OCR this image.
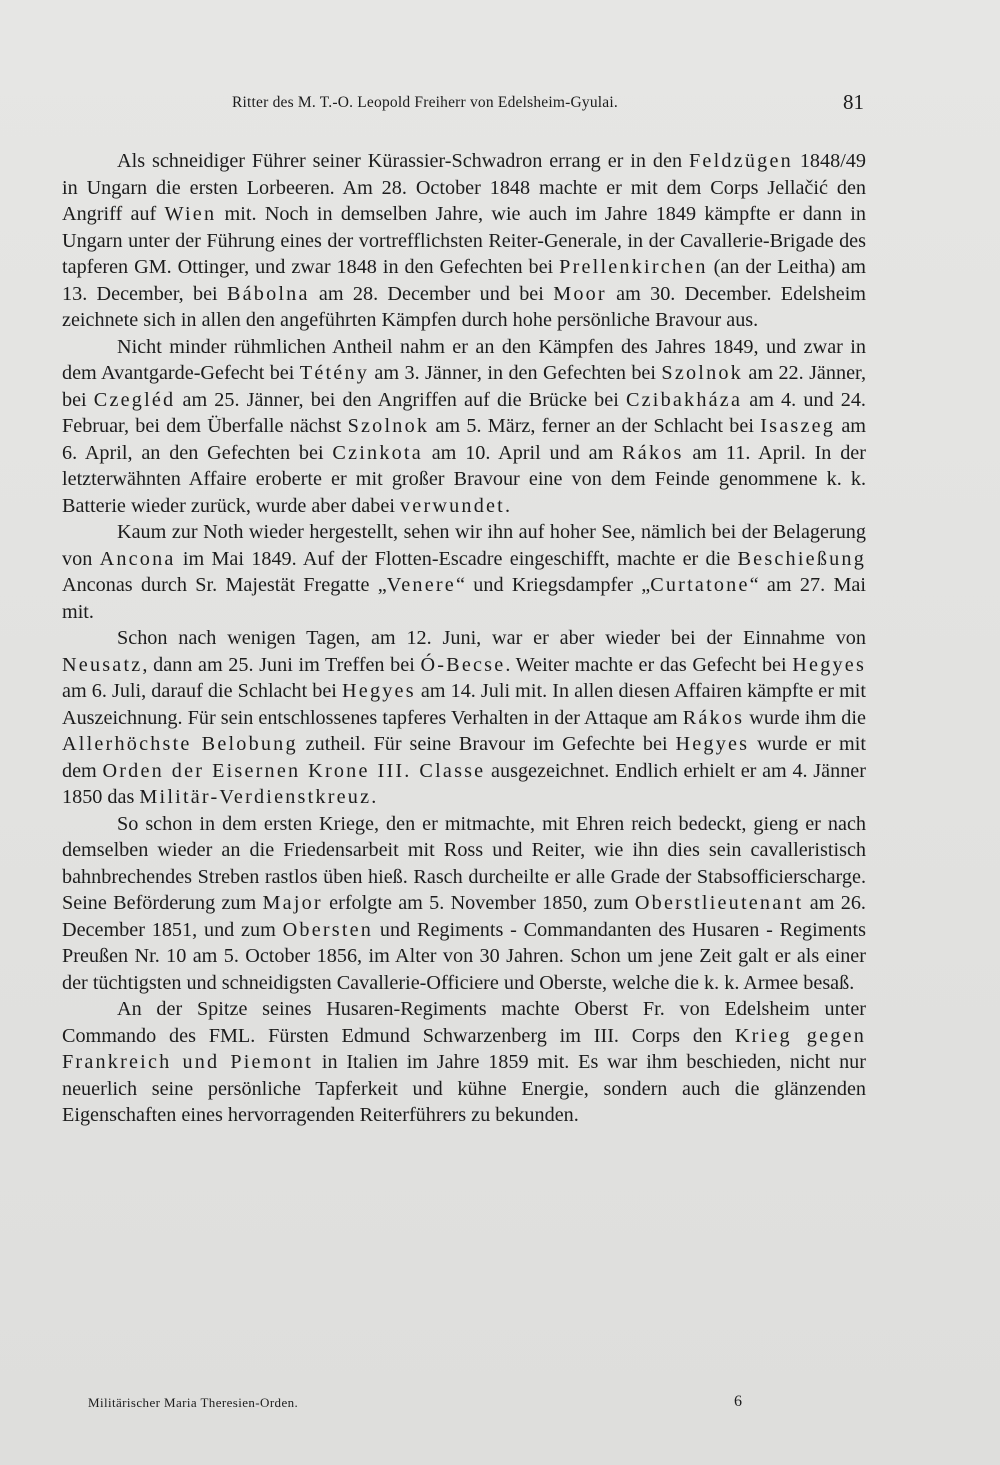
Ritter des M. T.-O. Leopold Freiherr von Edelsheim-Gyulai.	81

Als schneidiger Führer seiner Kürassier-Schwadron errang er in den Feldzügen 1848/49 in Ungarn die ersten Lorbeeren. Am 28. October 1848 machte er mit dem Corps Jellačić den Angriff auf Wien mit. Noch in demselben Jahre, wie auch im Jahre 1849 kämpfte er dann in Ungarn unter der Führung eines der vortrefflichsten Reiter-Generale, in der Cavallerie-Brigade des tapferen GM. Ottinger, und zwar 1848 in den Gefechten bei Prellenkirchen (an der Leitha) am 13. December, bei Bábolna am 28. December und bei Moor am 30. December. Edelsheim zeichnete sich in allen den angeführten Kämpfen durch hohe persönliche Bravour aus.

Nicht minder rühmlichen Antheil nahm er an den Kämpfen des Jahres 1849, und zwar in dem Avantgarde-Gefecht bei Tétény am 3. Jänner, in den Gefechten bei Szolnok am 22. Jänner, bei Czegléd am 25. Jänner, bei den Angriffen auf die Brücke bei Czibakháza am 4. und 24. Februar, bei dem Überfalle nächst Szolnok am 5. März, ferner an der Schlacht bei Isaszeg am 6. April, an den Gefechten bei Czinkota am 10. April und am Rákos am 11. April. In der letzterwähnten Affaire eroberte er mit großer Bravour eine von dem Feinde genommene k. k. Batterie wieder zurück, wurde aber dabei verwundet.

Kaum zur Noth wieder hergestellt, sehen wir ihn auf hoher See, nämlich bei der Belagerung von Ancona im Mai 1849. Auf der Flotten-Escadre eingeschifft, machte er die Beschießung Anconas durch Sr. Majestät Fregatte „Venere“ und Kriegsdampfer „Curtatone“ am 27. Mai mit.

Schon nach wenigen Tagen, am 12. Juni, war er aber wieder bei der Einnahme von Neusatz, dann am 25. Juni im Treffen bei Ó-Becse. Weiter machte er das Gefecht bei Hegyes am 6. Juli, darauf die Schlacht bei Hegyes am 14. Juli mit. In allen diesen Affairen kämpfte er mit Auszeichnung. Für sein entschlossenes tapferes Verhalten in der Attaque am Rákos wurde ihm die Allerhöchste Belobung zutheil. Für seine Bravour im Gefechte bei Hegyes wurde er mit dem Orden der Eisernen Krone III. Classe ausgezeichnet. Endlich erhielt er am 4. Jänner 1850 das Militär-Verdienstkreuz.

So schon in dem ersten Kriege, den er mitmachte, mit Ehren reich bedeckt, gieng er nach demselben wieder an die Friedensarbeit mit Ross und Reiter, wie ihn dies sein cavalleristisch bahnbrechendes Streben rastlos üben hieß. Rasch durcheilte er alle Grade der Stabsofficierscharge. Seine Beförderung zum Major erfolgte am 5. November 1850, zum Oberstlieutenant am 26. December 1851, und zum Obersten und Regiments - Commandanten des Husaren - Regiments Preußen Nr. 10 am 5. October 1856, im Alter von 30 Jahren. Schon um jene Zeit galt er als einer der tüchtigsten und schneidigsten Cavallerie-Officiere und Oberste, welche die k. k. Armee besaß.

An der Spitze seines Husaren-Regiments machte Oberst Fr. von Edelsheim unter Commando des FML. Fürsten Edmund Schwarzenberg im III. Corps den Krieg gegen Frankreich und Piemont in Italien im Jahre 1859 mit. Es war ihm beschieden, nicht nur neuerlich seine persönliche Tapferkeit und kühne Energie, sondern auch die glänzenden Eigenschaften eines hervorragenden Reiterführers zu bekunden.

Militärischer Maria Theresien-Orden.	6
